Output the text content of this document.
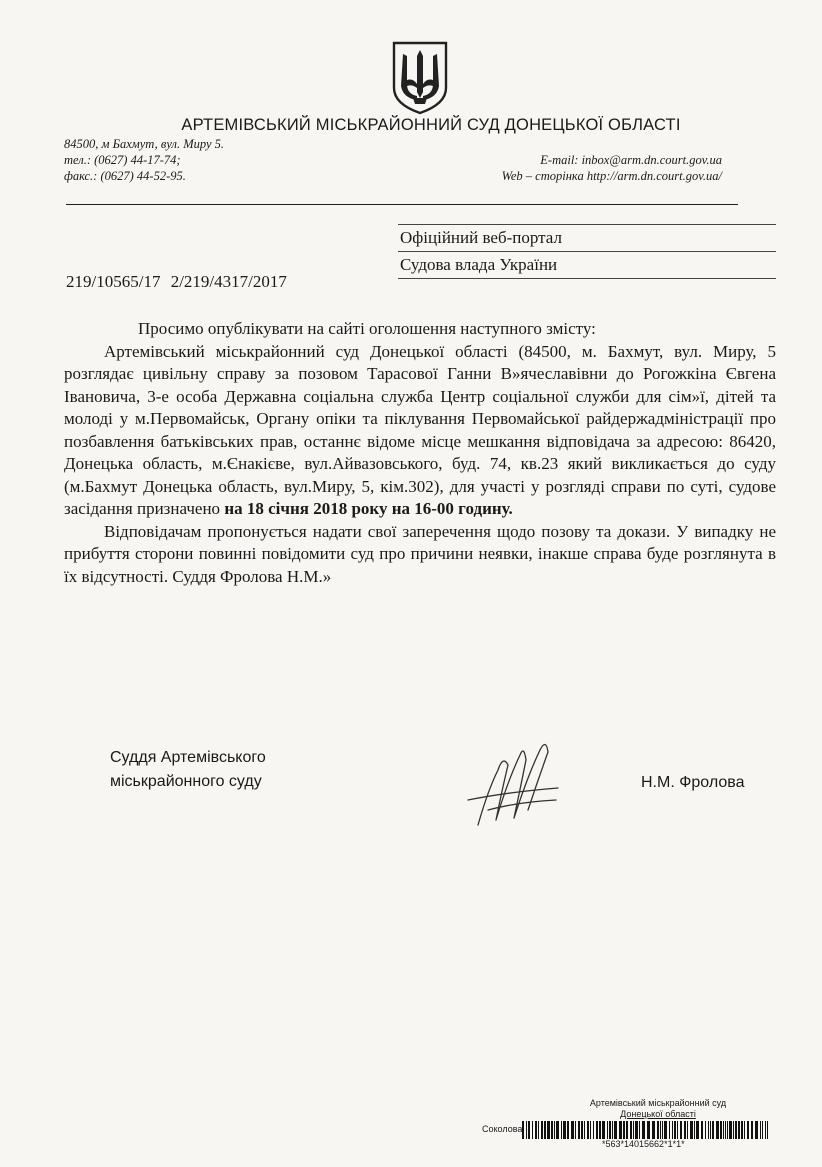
АРТЕМІВСЬКИЙ МІСЬКРАЙОННИЙ СУД ДОНЕЦЬКОЇ ОБЛАСТІ
84500, м Бахмут, вул. Миру 5.
тел.: (0627) 44-17-74;
факс.: (0627) 44-52-95.
E-mail: inbox@arm.dn.court.gov.ua
Web – сторінка http://arm.dn.court.gov.ua/
Офіційний веб-портал
Судова влада України
219/10565/17 2/219/4317/2017

Просимо опублікувати на сайті оголошення наступного змісту:

Артемівський міськрайонний суд Донецької області (84500, м. Бахмут, вул. Миру, 5 розглядає цивільну справу за позовом Тарасової Ганни В»ячеславівни до Рогожкіна Євгена Івановича, 3-е особа Державна соціальна служба Центр соціальної служби для сім»ї, дітей та молоді у м.Первомайськ, Органу опіки та піклування Первомайської райдержадміністрації про позбавлення батьківських прав, останнє відоме місце мешкання відповідача за адресою: 86420, Донецька область, м.Єнакієве, вул.Айвазовського, буд. 74, кв.23 який викликається до суду (м.Бахмут Донецька область, вул.Миру, 5, кім.302), для участі у розгляді справи по суті, судове засідання призначено на 18 січня 2018 року на 16-00 годину.

Відповідачам пропонується надати свої заперечення щодо позову та докази. У випадку не прибуття сторони повинні повідомити суд про причини неявки, інакше справа буде розглянута в їх відсутності. Суддя Фролова Н.М.»

Суддя Артемівського
міськрайонного суду	Н.М. Фролова
Артемівський міськрайонний суд
Донецької області
Соколова
*563*14015662*1*1*
